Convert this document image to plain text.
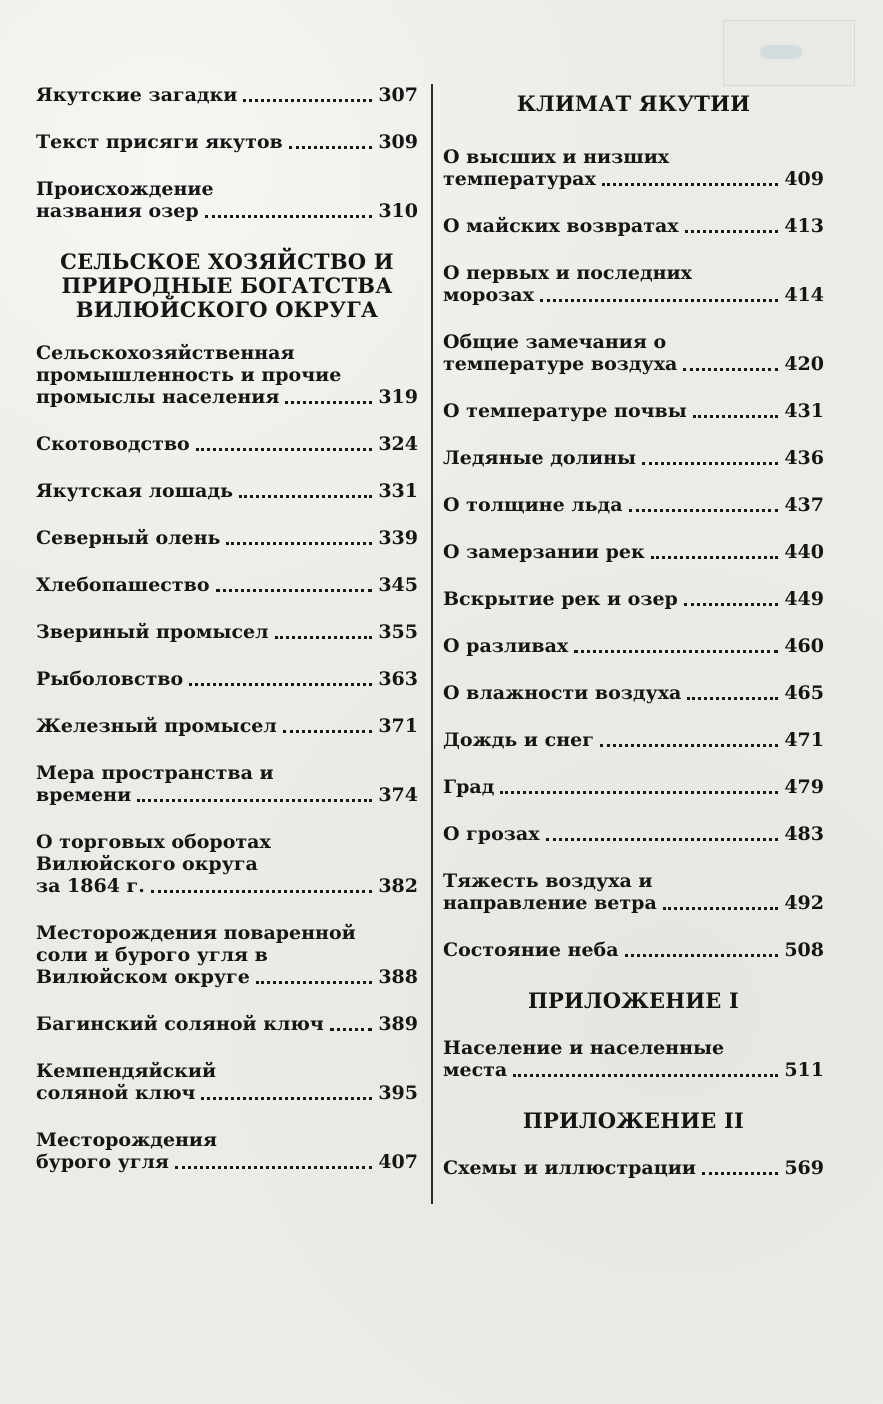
Якутские загадки	307
Текст присяги якутов	309

Происхождение

названия озер	310

СЕЛЬСКОЕ ХОЗЯЙСТВО И

ПРИРОДНЫЕ БОГАТСТВА

ВИЛЮЙСКОГО ОКРУГА

Сельскохозяйственная

промышленность и прочие

промыслы населения	319
Скотоводство	324
Якутская лошадь	331
Северный олень	339
Хлебопашество	345
Звериный промысел	355
Рыболовство	363
Железный промысел	371

Мера пространства и

времени	374

О торговых оборотах

Вилюйского округа

за 1864 г.	382

Месторождения поваренной

соли и бурого угля в

Вилюйском округе	388
Багинский соляной ключ	389

Кемпендяйский

соляной ключ	395

Месторождения

бурого угля	407

КЛИМАТ ЯКУТИИ

О высших и низших

температурах	409
О майских возвратах	413

О первых и последних

морозах	414

Общие замечания о

температуре воздуха	420
О температуре почвы	431
Ледяные долины	436
О толщине льда	437
О замерзании рек	440
Вскрытие рек и озер	449
О разливах	460
О влажности воздуха	465
Дождь и снег	471
Град	479
О грозах	483

Тяжесть воздуха и

направление ветра	492
Состояние неба	508

ПРИЛОЖЕНИЕ I

Население и населенные

места	511

ПРИЛОЖЕНИЕ II

Схемы и иллюстрации	569
